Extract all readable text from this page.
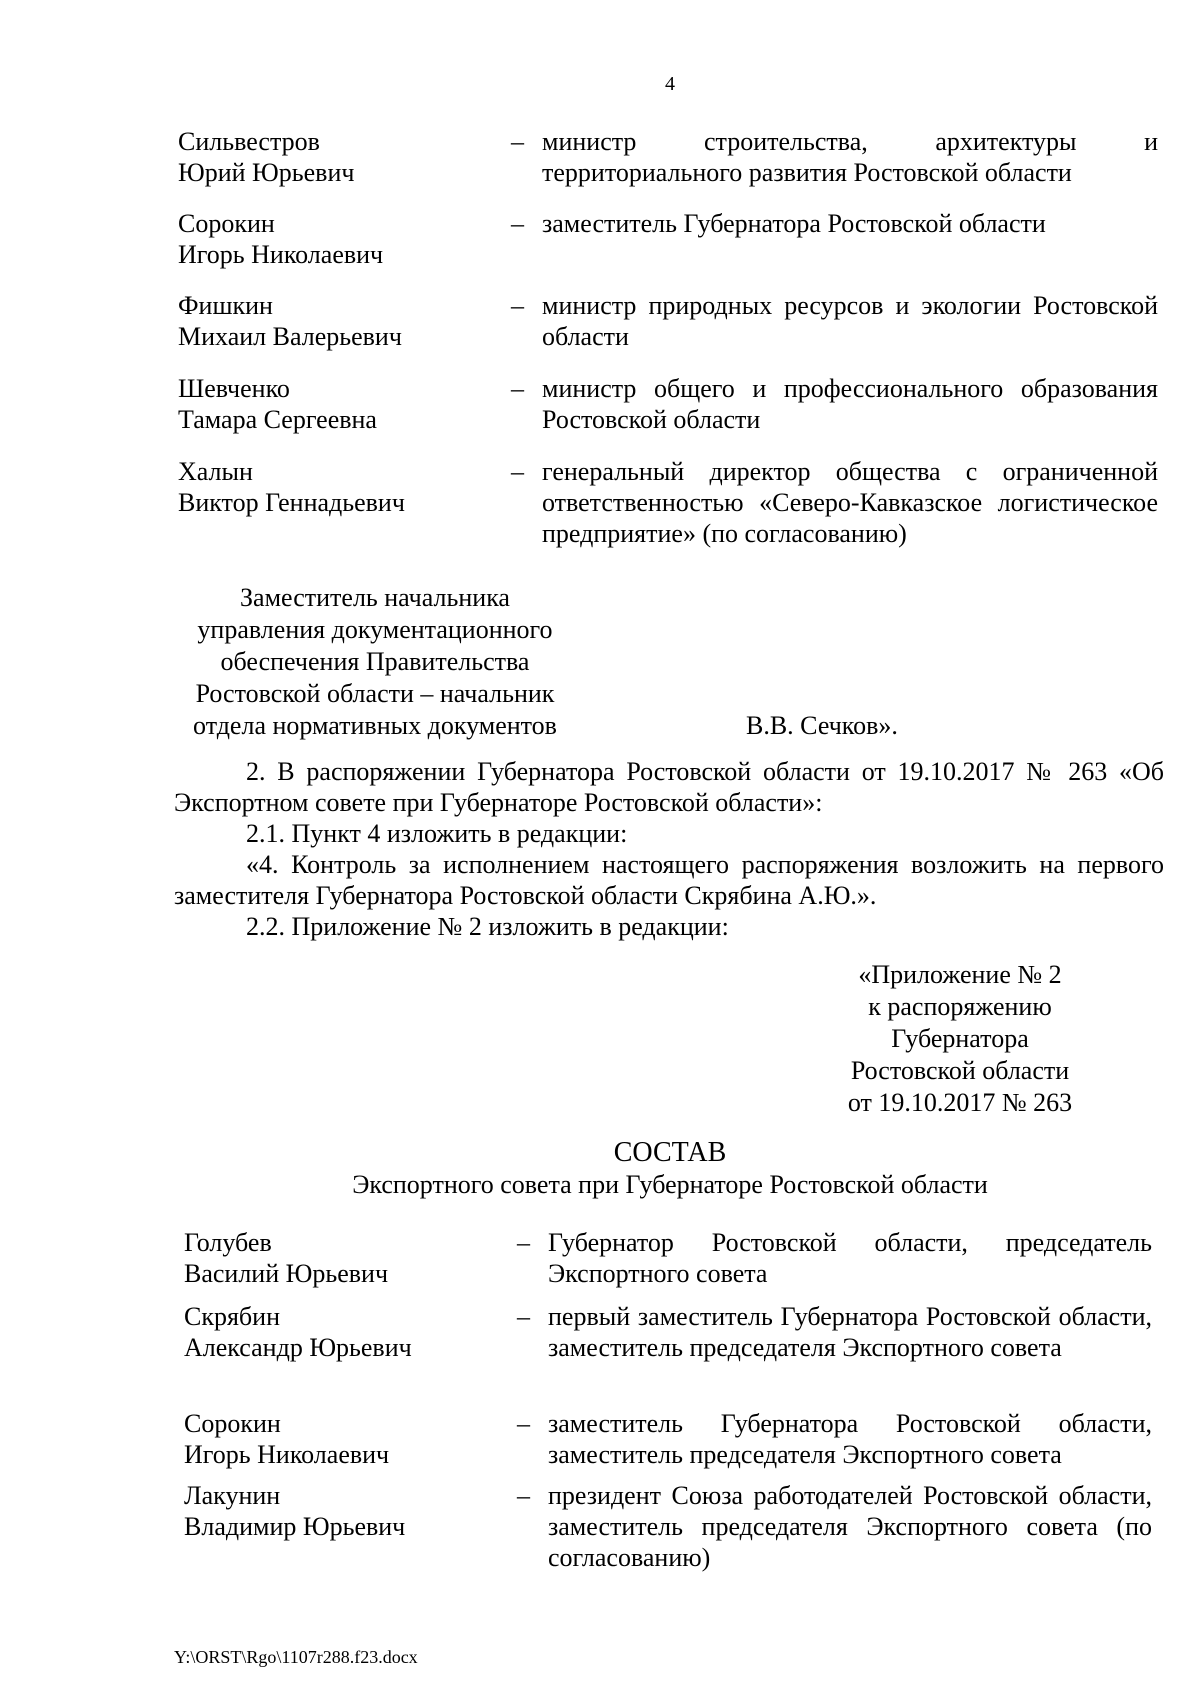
4
Сильвестров
Юрий Юрьевич
– министр строительства, архитектуры и территориального развития Ростовской области
Сорокин
Игорь Николаевич
– заместитель Губернатора Ростовской области
Фишкин
Михаил Валерьевич
– министр природных ресурсов и экологии Ростовской области
Шевченко
Тамара Сергеевна
– министр общего и профессионального образования Ростовской области
Халын
Виктор Геннадьевич
– генеральный директор общества с ограниченной ответственностью «Северо-Кавказское логистическое предприятие» (по согласованию)
Заместитель начальника
управления документационного
обеспечения Правительства
Ростовской области – начальник
отдела нормативных документов	В.В. Сечков».
2. В распоряжении Губернатора Ростовской области от 19.10.2017 № 263 «Об Экспортном совете при Губернаторе Ростовской области»:
2.1. Пункт 4 изложить в редакции:
«4. Контроль за исполнением настоящего распоряжения возложить на первого заместителя Губернатора Ростовской области Скрябина А.Ю.».
2.2. Приложение № 2 изложить в редакции:
«Приложение № 2
к распоряжению
Губернатора
Ростовской области
от 19.10.2017 № 263
СОСТАВ
Экспортного совета при Губернаторе Ростовской области
Голубев
Василий Юрьевич
– Губернатор Ростовской области, председатель Экспортного совета
Скрябин
Александр Юрьевич
– первый заместитель Губернатора Ростовской области, заместитель председателя Экспортного совета
Сорокин
Игорь Николаевич
– заместитель Губернатора Ростовской области, заместитель председателя Экспортного совета
Лакунин
Владимир Юрьевич
– президент Союза работодателей Ростовской области, заместитель председателя Экспортного совета (по согласованию)
Y:\ORST\Rgo\1107r288.f23.docx
